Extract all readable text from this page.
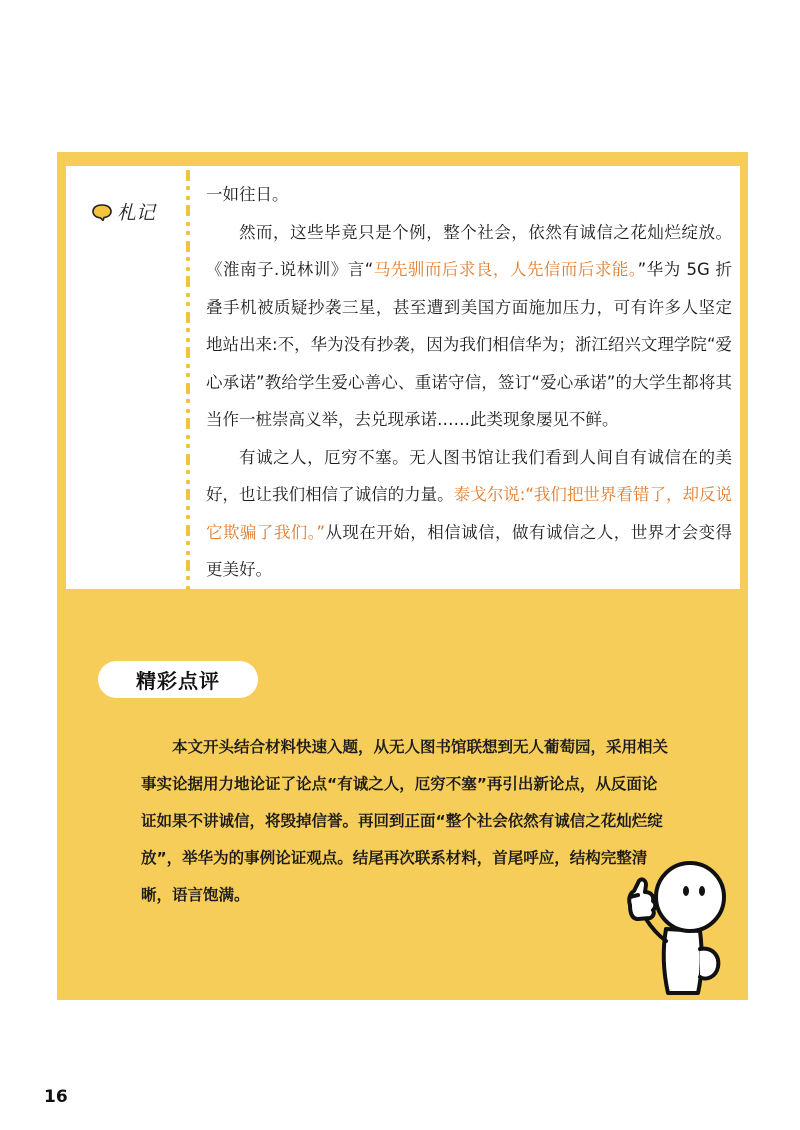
札记

一如往日。

然而，这些毕竟只是个例，整个社会，依然有诚信之花灿烂绽放。《淮南子.说林训》言“马先驯而后求良，人先信而后求能。”华为 5G 折叠手机被质疑抄袭三星，甚至遭到美国方面施加压力，可有许多人坚定地站出来:不，华为没有抄袭，因为我们相信华为；浙江绍兴文理学院“爱心承诺”教给学生爱心善心、重诺守信，签订“爱心承诺”的大学生都将其当作一桩崇高义举，去兑现承诺……此类现象屡见不鲜。

有诚之人，厄穷不塞。无人图书馆让我们看到人间自有诚信在的美好，也让我们相信了诚信的力量。泰戈尔说:“我们把世界看错了，却反说它欺骗了我们。”从现在开始，相信诚信，做有诚信之人，世界才会变得更美好。

精彩点评

本文开头结合材料快速入题，从无人图书馆联想到无人葡萄园，采用相关事实论据用力地论证了论点“有诚之人，厄穷不塞”再引出新论点，从反面论证如果不讲诚信，将毁掉信誉。再回到正面“整个社会依然有诚信之花灿烂绽放”，举华为的事例论证观点。结尾再次联系材料，首尾呼应，结构完整清晰，语言饱满。

16
